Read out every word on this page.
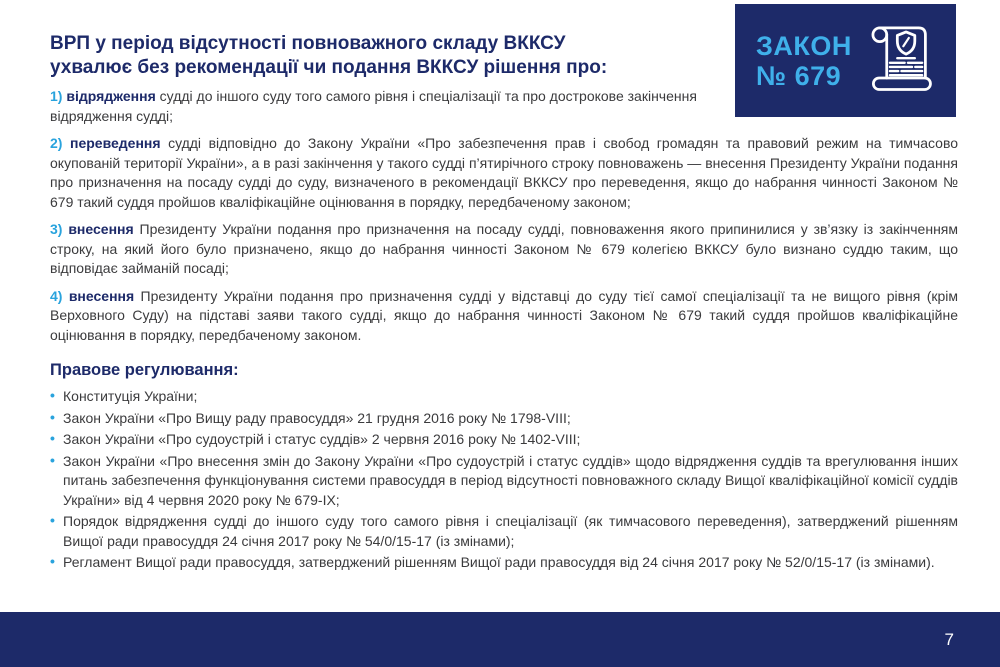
ВРП у період відсутності повноважного складу ВККСУ
ухвалює без рекомендації чи подання ВККСУ рішення про:

1) відрядження судді до іншого суду того самого рівня і спеціалізації та про дострокове закінчення відрядження судді;

2) переведення судді відповідно до Закону України «Про забезпечення прав і свобод громадян та правовий режим на тимчасово окупованій території України», а в разі закінчення у такого судді п’ятирічного строку повноважень — внесення Президенту України подання про призначення на посаду судді до суду, визначеного в рекомендації ВККСУ про переведення, якщо до набрання чинності Законом № 679 такий суддя пройшов кваліфікаційне оцінювання в порядку, передбаченому законом;

3) внесення Президенту України подання про призначення на посаду судді, повноваження якого припинилися у зв’язку із закінченням строку, на який його було призначено, якщо до набрання чинності Законом № 679 колегією ВККСУ було визнано суддю таким, що відповідає займаній посаді;

4) внесення Президенту України подання про призначення судді у відставці до суду тієї самої спеціалізації та не вищого рівня (крім Верховного Суду) на підставі заяви такого судді, якщо до набрання чинності Законом № 679 такий суддя пройшов кваліфікаційне оцінювання в порядку, передбаченому законом.

Правове регулювання:
• Конституція України;
• Закон України «Про Вищу раду правосуддя» 21 грудня 2016 року № 1798-VIII;
• Закон України «Про судоустрій і статус суддів» 2 червня 2016 року № 1402-VIII;
• Закон України «Про внесення змін до Закону України «Про судоустрій і статус суддів» щодо відрядження суддів та врегулювання інших питань забезпечення функціонування системи правосуддя в період відсутності повноважного складу Вищої кваліфікаційної комісії суддів України» від 4 червня 2020 року № 679-IX;
• Порядок відрядження судді до іншого суду того самого рівня і спеціалізації (як тимчасового переведення), затверджений рішенням Вищої ради правосуддя 24 січня 2017 року № 54/0/15-17 (із змінами);
• Регламент Вищої ради правосуддя, затверджений рішенням Вищої ради правосуддя від 24 січня 2017 року № 52/0/15-17 (із змінами).
ЗАКОН
№ 679
7
